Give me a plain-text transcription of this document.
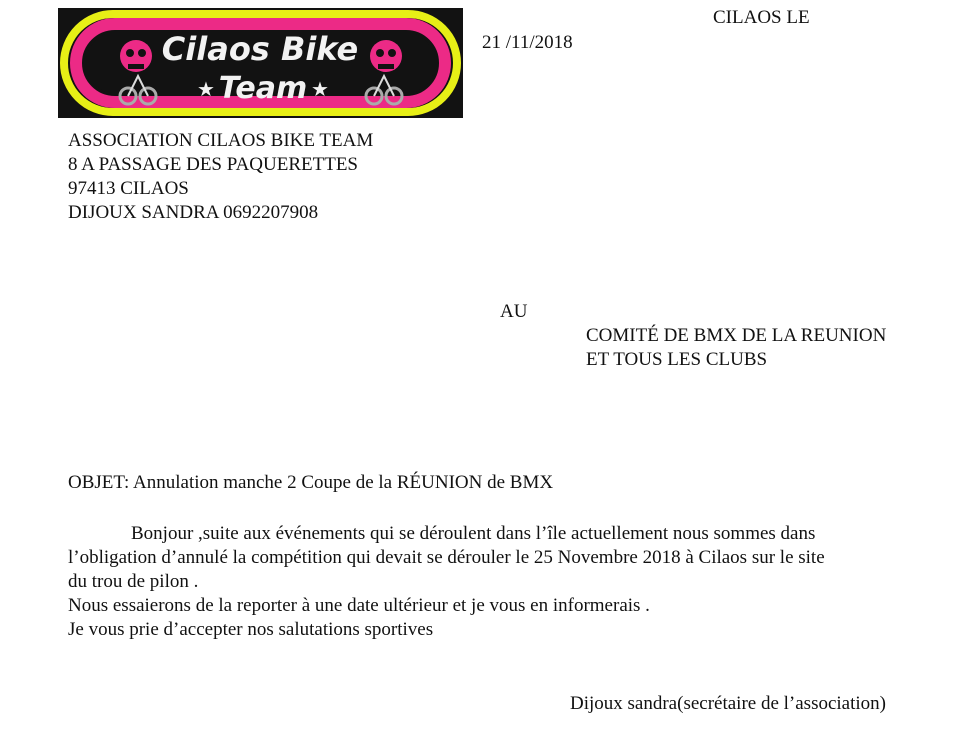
Cilaos Bike
★ Team ★
CILAOS LE
21 /11/2018
ASSOCIATION CILAOS BIKE TEAM
8 A PASSAGE DES PAQUERETTES
97413 CILAOS
DIJOUX SANDRA 0692207908
AU
COMITÉ DE BMX DE LA REUNION
ET TOUS LES CLUBS
OBJET: Annulation manche 2 Coupe de la RÉUNION de BMX
Bonjour ,suite aux événements qui se déroulent dans l’île actuellement nous sommes dans
l’obligation d’annulé la compétition qui devait se dérouler le 25 Novembre 2018 à Cilaos sur le site
du trou de pilon .
Nous essaierons de la reporter à une date ultérieur et je vous en informerais .
Je vous prie d’accepter nos salutations sportives
Dijoux sandra(secrétaire de l’association)
